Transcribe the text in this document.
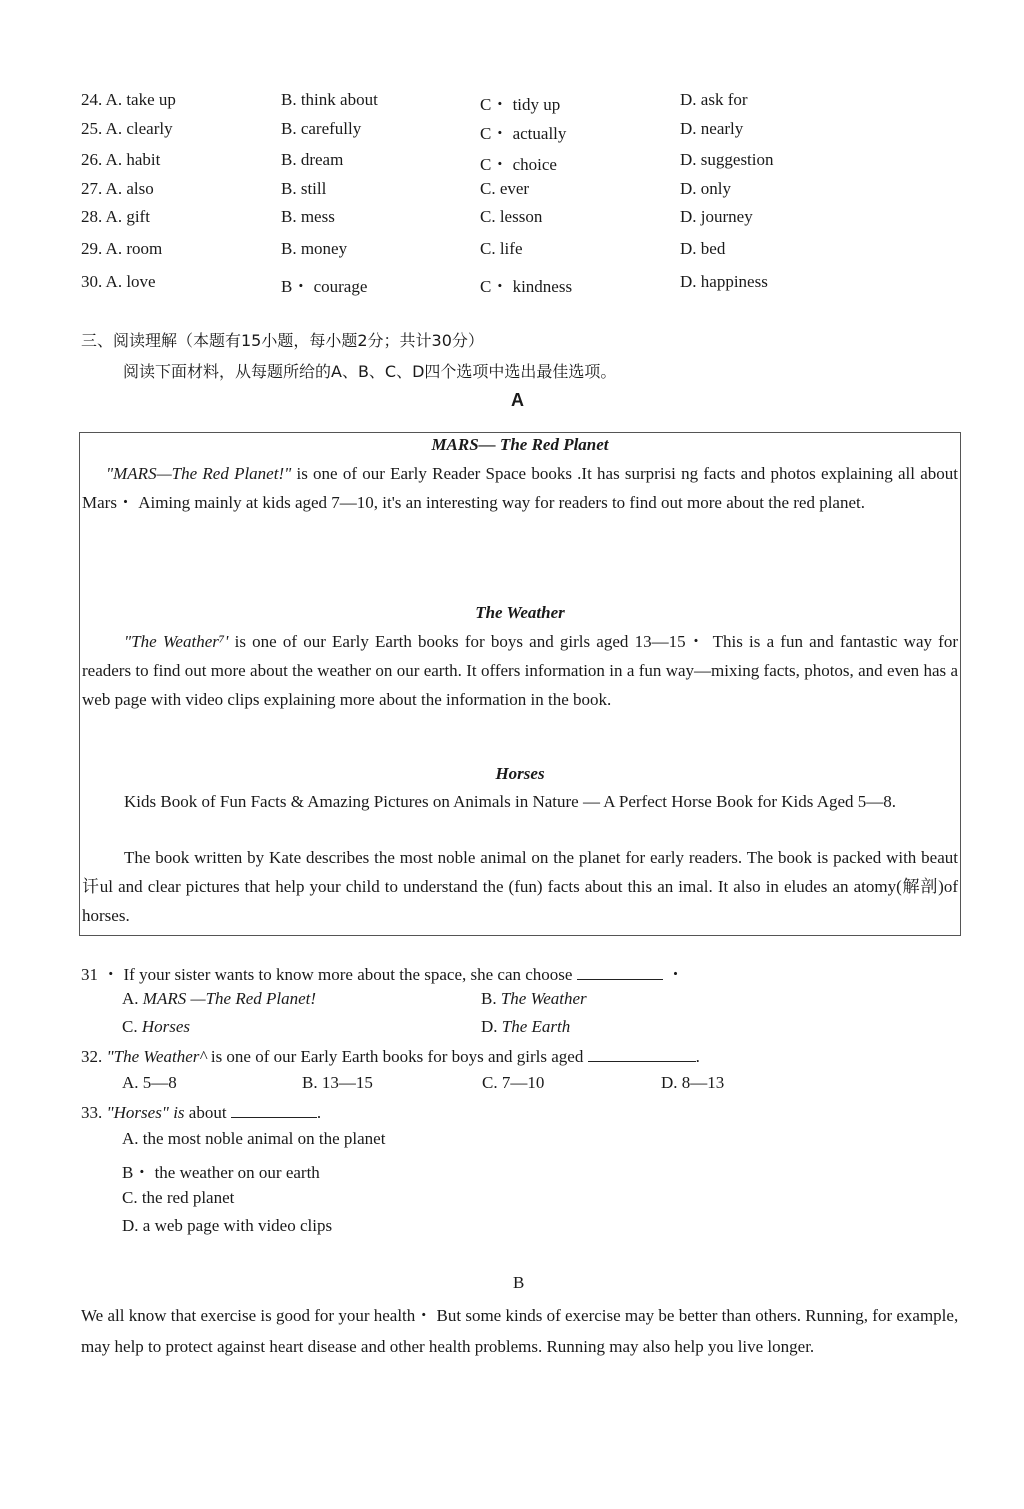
24. A. take up	B. think about	C・ tidy up	D. ask for
25. A. clearly	B. carefully	C・ actually	D. nearly
26. A. habit	B. dream	C・ choice	D. suggestion
27. A. also	B. still	C. ever	D. only
28. A. gift	B. mess	C. lesson	D. journey
29. A. room	B. money	C. life	D. bed
30. A. love	B・ courage	C・ kindness	D. happiness
三、阅读理解（本题有15小题，每小题2分；共计30分）
阅读下面材料，从每题所给的A、B、C、D四个选项中选出最佳选项。
A
MARS— The Red Planet
"MARS—The Red Planet!" is one of our Early Reader Space books .It has surprisi ng facts and photos explaining all about Mars・ Aiming mainly at kids aged 7—10, it's an interesting way for readers to find out more about the red planet.
The Weather
"The Weather⁷' is one of our Early Earth books for boys and girls aged 13—15・ This is a fun and fantastic way for readers to find out more about the weather on our earth. It offers information in a fun way—mixing facts, photos, and even has a web page with video clips explaining more about the information in the book.
Horses
Kids Book of Fun Facts & Amazing Pictures on Animals in Nature — A Perfect Horse Book for Kids Aged 5—8.
The book written by Kate describes the most noble animal on the planet for early readers. The book is packed with beaut讦ul and clear pictures that help your child to understand the (fun) facts about this an imal. It also in eludes an atomy(解剖)of horses.
31 ・ If your sister wants to know more about the space, she can choose	・
A. MARS —The Red Planet!	B. The Weather
C. Horses	D. The Earth
32. "The Weather^ is one of our Early Earth books for boys and girls aged	.
A. 5—8	B. 13—15	C. 7—10	D. 8—13
33. "Horses" is about	.
A. the most noble animal on the planet
B・ the weather on our earth
C. the red planet
D. a web page with video clips
B
We all know that exercise is good for your health・ But some kinds of exercise may be better than others. Running, for example, may help to protect against heart disease and other health problems. Running may also help you live longer.
